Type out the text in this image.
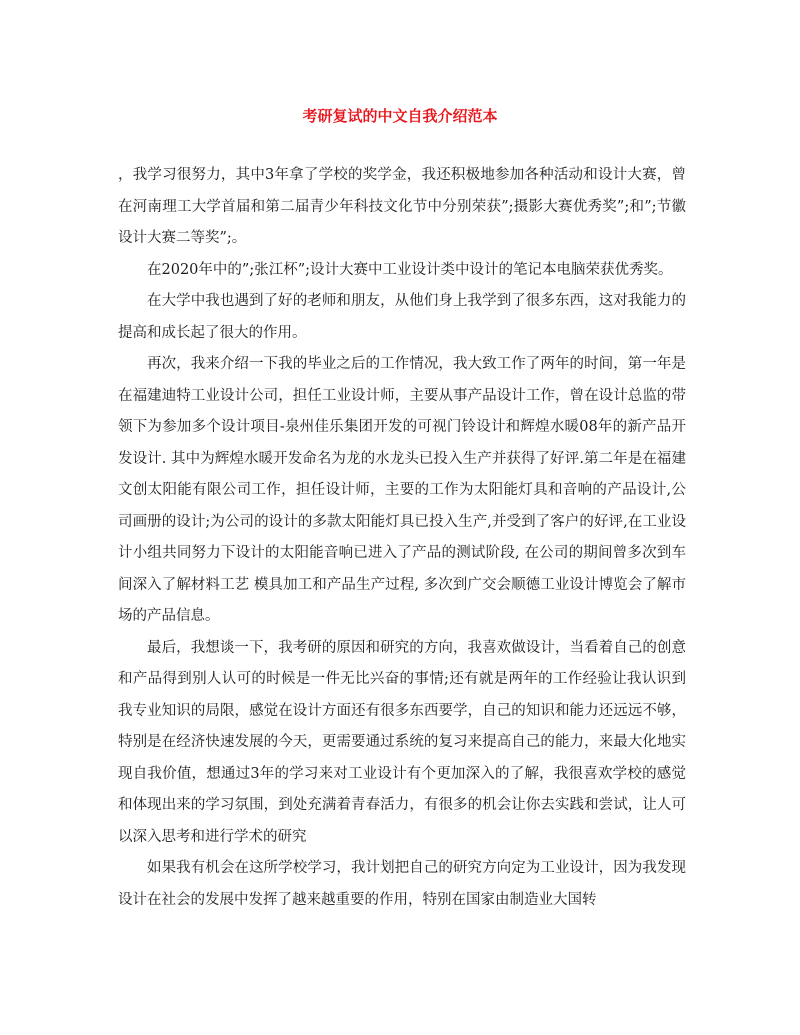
考研复试的中文自我介绍范本

，我学习很努力，其中3年拿了学校的奖学金，我还积极地参加各种活动和设计大赛，曾在河南理工大学首届和第二届青少年科技文化节中分别荣获”;摄影大赛优秀奖”;和”;节徽设计大赛二等奖”;。

在2020年中的”;张江杯”;设计大赛中工业设计类中设计的笔记本电脑荣获优秀奖。

在大学中我也遇到了好的老师和朋友，从他们身上我学到了很多东西，这对我能力的提高和成长起了很大的作用。

再次，我来介绍一下我的毕业之后的工作情况，我大致工作了两年的时间，第一年是在福建迪特工业设计公司，担任工业设计师，主要从事产品设计工作，曾在设计总监的带领下为参加多个设计项目-泉州佳乐集团开发的可视门铃设计和辉煌水暖08年的新产品开发设计. 其中为辉煌水暖开发命名为龙的水龙头已投入生产并获得了好评.第二年是在福建文创太阳能有限公司工作，担任设计师，主要的工作为太阳能灯具和音响的产品设计,公司画册的设计;为公司的设计的多款太阳能灯具已投入生产,并受到了客户的好评,在工业设计小组共同努力下设计的太阳能音响已进入了产品的测试阶段, 在公司的期间曾多次到车间深入了解材料工艺 模具加工和产品生产过程, 多次到广交会顺德工业设计博览会了解市场的产品信息。

最后，我想谈一下，我考研的原因和研究的方向，我喜欢做设计，当看着自己的创意和产品得到别人认可的时候是一件无比兴奋的事情;还有就是两年的工作经验让我认识到我专业知识的局限，感觉在设计方面还有很多东西要学，自己的知识和能力还远远不够，特别是在经济快速发展的今天，更需要通过系统的复习来提高自己的能力，来最大化地实现自我价值，想通过3年的学习来对工业设计有个更加深入的了解，我很喜欢学校的感觉和体现出来的学习氛围，到处充满着青春活力，有很多的机会让你去实践和尝试，让人可以深入思考和进行学术的研究

如果我有机会在这所学校学习，我计划把自己的研究方向定为工业设计，因为我发现设计在社会的发展中发挥了越来越重要的作用，特别在国家由制造业大国转
